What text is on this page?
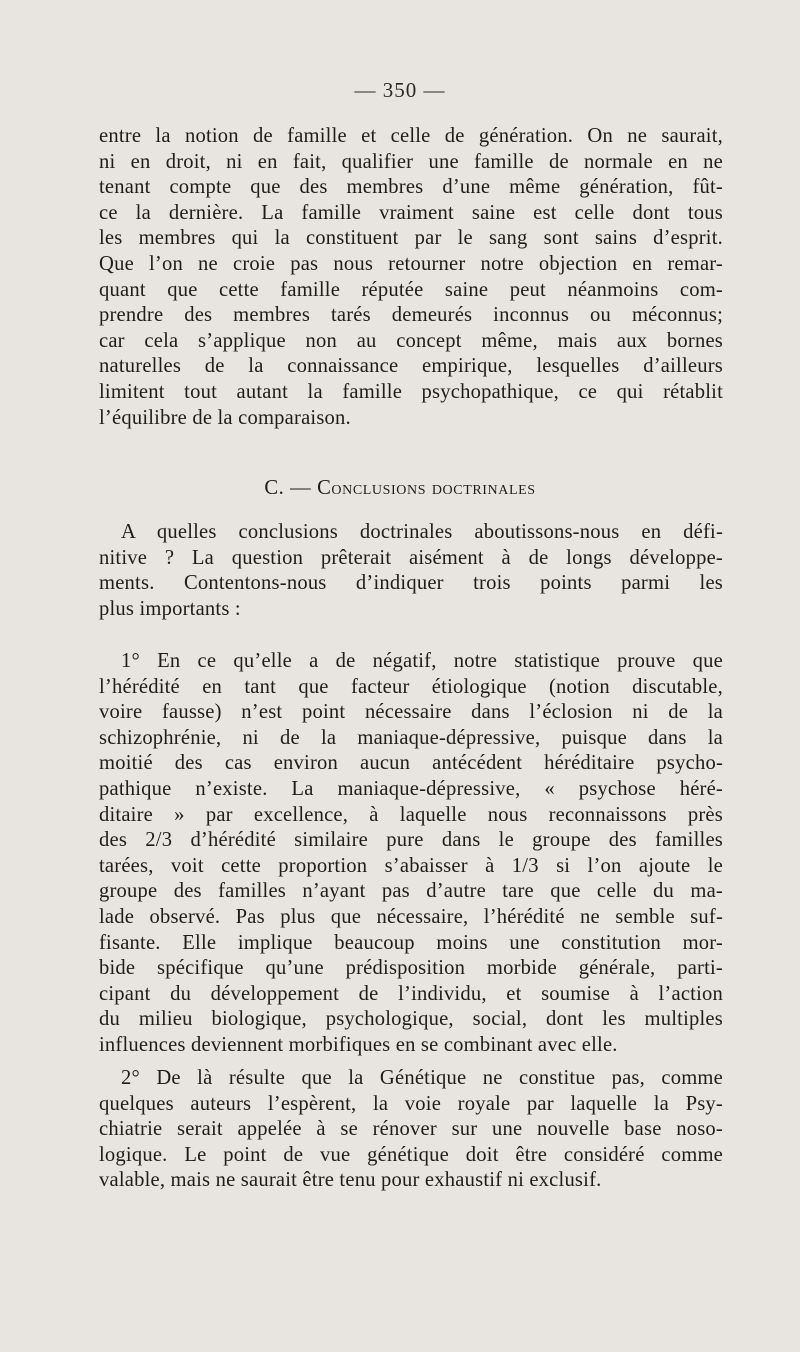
— 350 —
entre la notion de famille et celle de génération. On ne saurait,
ni en droit, ni en fait, qualifier une famille de normale en ne
tenant compte que des membres d’une même génération, fût-
ce la dernière. La famille vraiment saine est celle dont tous
les membres qui la constituent par le sang sont sains d’esprit.
Que l’on ne croie pas nous retourner notre objection en remar-
quant que cette famille réputée saine peut néanmoins com-
prendre des membres tarés demeurés inconnus ou méconnus;
car cela s’applique non au concept même, mais aux bornes
naturelles de la connaissance empirique, lesquelles d’ailleurs
limitent tout autant la famille psychopathique, ce qui rétablit
l’équilibre de la comparaison.
C. — Conclusions doctrinales
A quelles conclusions doctrinales aboutissons-nous en défi-
nitive ? La question prêterait aisément à de longs développe-
ments. Contentons-nous d’indiquer trois points parmi les
plus importants :
1° En ce qu’elle a de négatif, notre statistique prouve que
l’hérédité en tant que facteur étiologique (notion discutable,
voire fausse) n’est point nécessaire dans l’éclosion ni de la
schizophrénie, ni de la maniaque-dépressive, puisque dans la
moitié des cas environ aucun antécédent héréditaire psycho-
pathique n’existe. La maniaque-dépressive, « psychose héré-
ditaire » par excellence, à laquelle nous reconnaissons près
des 2/3 d’hérédité similaire pure dans le groupe des familles
tarées, voit cette proportion s’abaisser à 1/3 si l’on ajoute le
groupe des familles n’ayant pas d’autre tare que celle du ma-
lade observé. Pas plus que nécessaire, l’hérédité ne semble suf-
fisante. Elle implique beaucoup moins une constitution mor-
bide spécifique qu’une prédisposition morbide générale, parti-
cipant du développement de l’individu, et soumise à l’action
du milieu biologique, psychologique, social, dont les multiples
influences deviennent morbifiques en se combinant avec elle.
2° De là résulte que la Génétique ne constitue pas, comme
quelques auteurs l’espèrent, la voie royale par laquelle la Psy-
chiatrie serait appelée à se rénover sur une nouvelle base noso-
logique. Le point de vue génétique doit être considéré comme
valable, mais ne saurait être tenu pour exhaustif ni exclusif.
